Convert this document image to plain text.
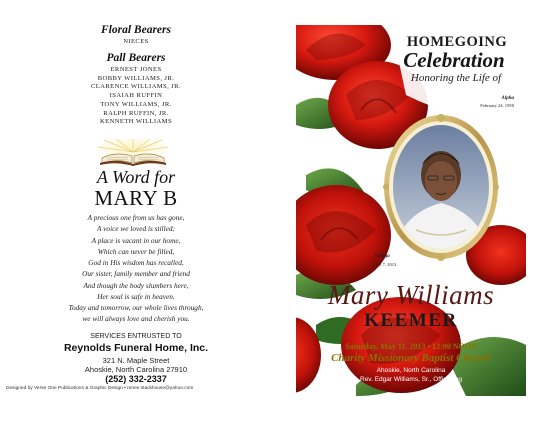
Floral Bearers
NIECES
Pall Bearers
ERNEST JONES
BOBBY WILLIAMS, JR.
CLARENCE WILLIAMS, JR.
ISAIAH RUFFIN
TONY WILLIAMS, JR.
RALPH RUFFIN, JR.
KENNETH WILLIAMS
A Word for
MARY B
A precious one from us has gone,
A voice we loved is stilled;
A place is vacant in our home,
Which can never be filled,
God in His wisdom has recalled,
Our sister, family member and friend
And though the body slumbers here,
Her soul is safe in heaven.
Today and tomorrow, our whole lives through,
we will always love and cherish you.
SERVICES ENTRUSTED TO
Reynolds Funeral Home, Inc.
321 N. Maple Street
Ahoskie, North Carolina 27910
(252) 332-2337
Designed by Verse One Publications & Graphic Design • renee.stackhouse@yahoo.com
HOMEGOING
Celebration
Honoring the Life of
Alpha
February 24, 1950
Omega
May 7, 2013
Mary Williams
KEEMER
Saturday, May 11, 2013 • 12:00 NOON
Charity Missionary Baptist Church
Ahoskie, North Carolina
Rev. Edgar Williams, Sr., Officiating
